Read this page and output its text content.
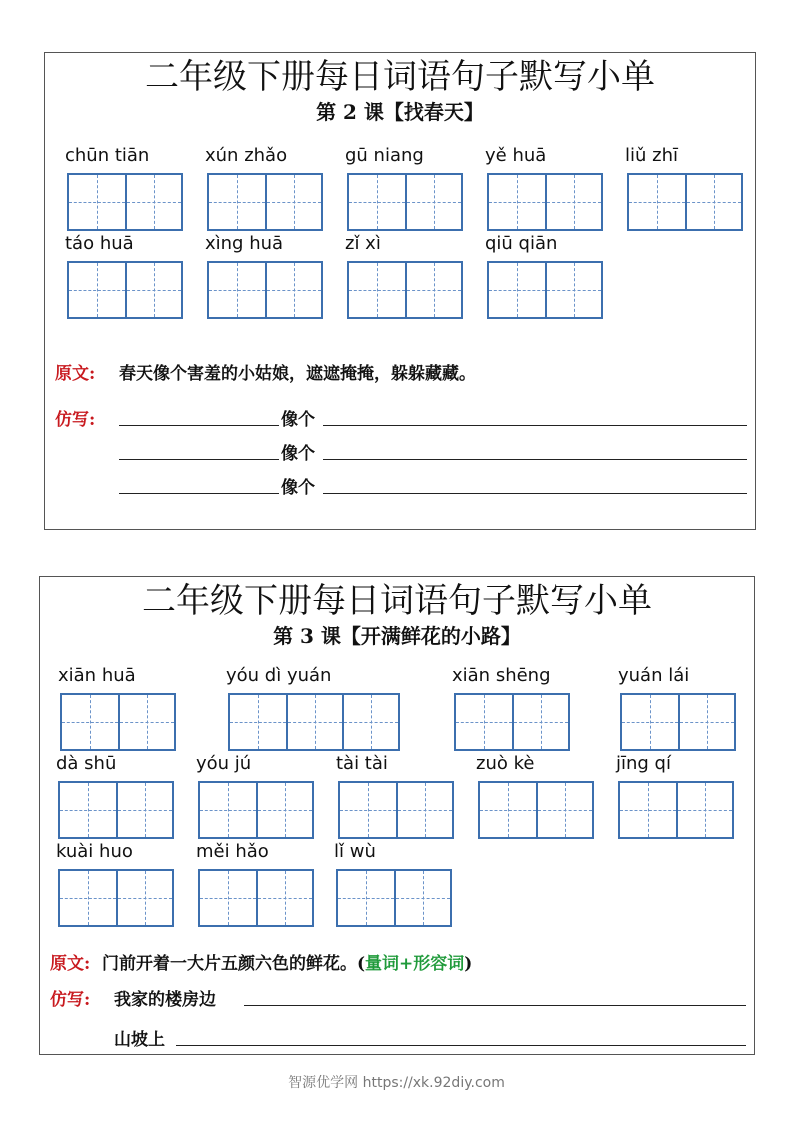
二年级下册每日词语句子默写小单
第 2 课【找春天】
chūn tiān	xún zhǎo	gū niang	yě huā	liǔ zhī
táo huā	xìng huā	zǐ xì	qiū qiān
原文: 春天像个害羞的小姑娘，遮遮掩掩，躲躲藏藏。
仿写:	像个
像个
像个
二年级下册每日词语句子默写小单
第 3 课【开满鲜花的小路】
xiān huā	yóu dì yuán	xiān shēng	yuán lái
dà shū	yóu jú	tài tài	zuò kè	jīng qí
kuài huo	měi hǎo	lǐ wù
原文: 门前开着一大片五颜六色的鲜花。(量词+形容词)
仿写: 我家的楼房边
山坡上
智源优学网 https://xk.92diy.com
